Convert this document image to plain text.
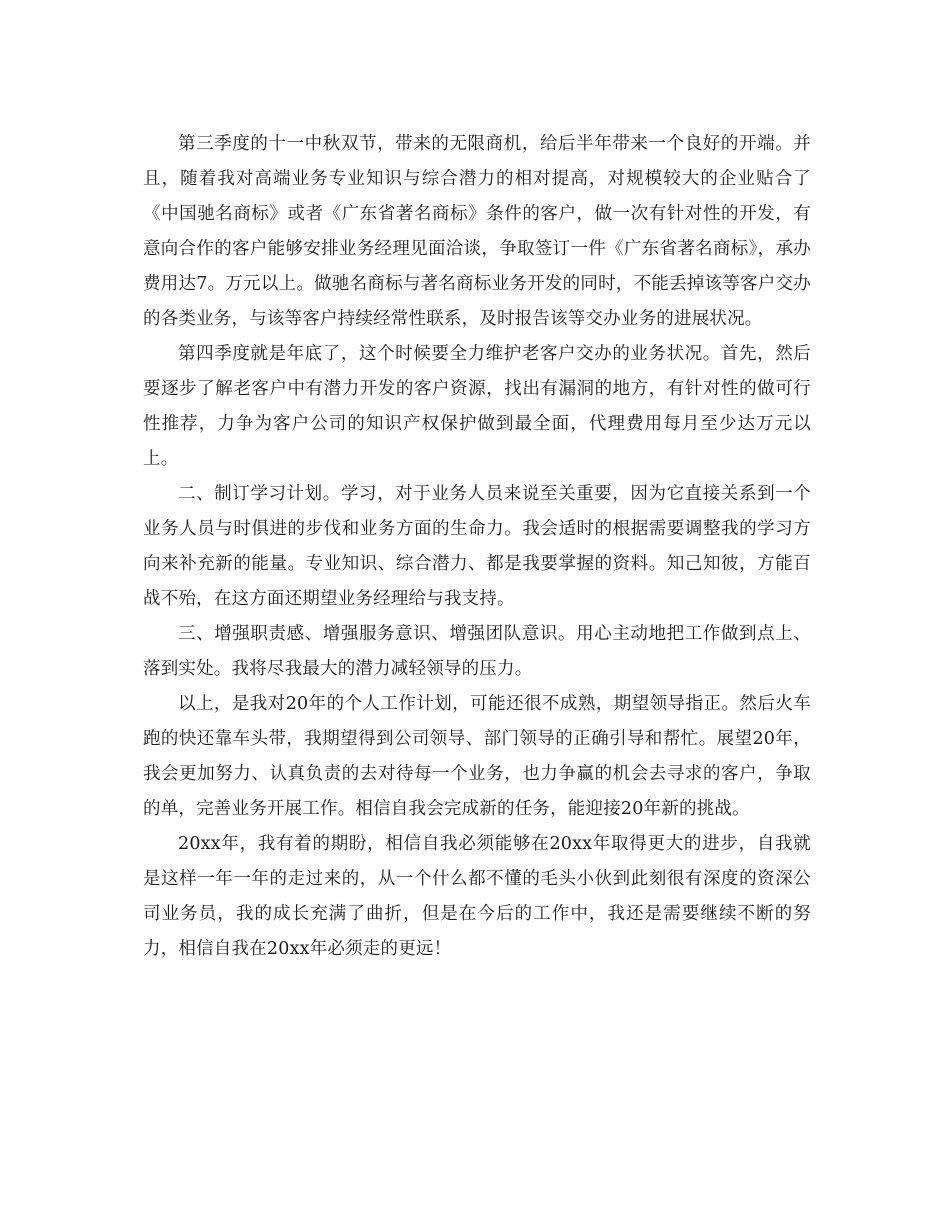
第三季度的十一中秋双节，带来的无限商机，给后半年带来一个良好的开端。并且，随着我对高端业务专业知识与综合潜力的相对提高，对规模较大的企业贴合了《中国驰名商标》或者《广东省著名商标》条件的客户，做一次有针对性的开发，有意向合作的客户能够安排业务经理见面洽谈，争取签订一件《广东省著名商标》，承办费用达7。万元以上。做驰名商标与著名商标业务开发的同时，不能丢掉该等客户交办的各类业务，与该等客户持续经常性联系，及时报告该等交办业务的进展状况。

第四季度就是年底了，这个时候要全力维护老客户交办的业务状况。首先，然后要逐步了解老客户中有潜力开发的客户资源，找出有漏洞的地方，有针对性的做可行性推荐，力争为客户公司的知识产权保护做到最全面，代理费用每月至少达万元以上。

二、制订学习计划。学习，对于业务人员来说至关重要，因为它直接关系到一个业务人员与时俱进的步伐和业务方面的生命力。我会适时的根据需要调整我的学习方向来补充新的能量。专业知识、综合潜力、都是我要掌握的资料。知己知彼，方能百战不殆，在这方面还期望业务经理给与我支持。

三、增强职责感、增强服务意识、增强团队意识。用心主动地把工作做到点上、落到实处。我将尽我最大的潜力减轻领导的压力。

以上，是我对20年的个人工作计划，可能还很不成熟，期望领导指正。然后火车跑的快还靠车头带，我期望得到公司领导、部门领导的正确引导和帮忙。展望20年，我会更加努力、认真负责的去对待每一个业务，也力争赢的机会去寻求的客户，争取的单，完善业务开展工作。相信自我会完成新的任务，能迎接20年新的挑战。

20xx年，我有着的期盼，相信自我必须能够在20xx年取得更大的进步，自我就是这样一年一年的走过来的，从一个什么都不懂的毛头小伙到此刻很有深度的资深公司业务员，我的成长充满了曲折，但是在今后的工作中，我还是需要继续不断的努力，相信自我在20xx年必须走的更远！
